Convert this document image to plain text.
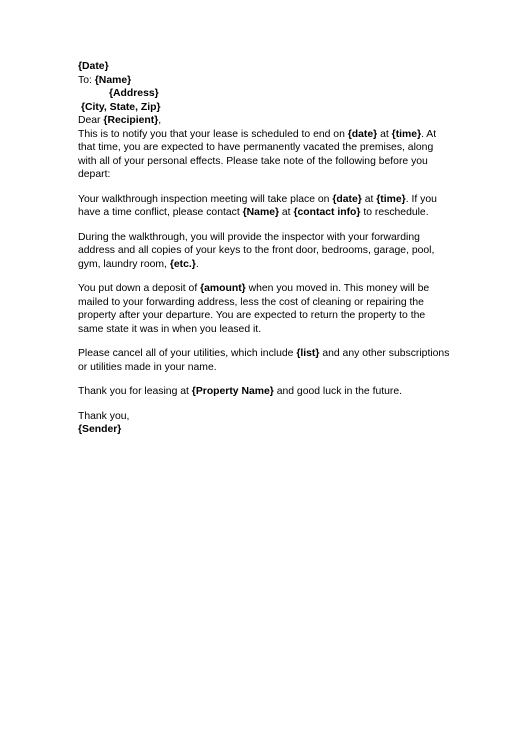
{Date}

To: {Name}

{Address}

{City, State, Zip}

Dear {Recipient},

This is to notify you that your lease is scheduled to end on {date} at {time}. At

that time, you are expected to have permanently vacated the premises, along

with all of your personal effects. Please take note of the following before you

depart:

Your walkthrough inspection meeting will take place on {date} at {time}. If you

have a time conflict, please contact {Name} at {contact info} to reschedule.

During the walkthrough, you will provide the inspector with your forwarding

address and all copies of your keys to the front door, bedrooms, garage, pool,

gym, laundry room, {etc.}.

You put down a deposit of {amount} when you moved in. This money will be

mailed to your forwarding address, less the cost of cleaning or repairing the

property after your departure. You are expected to return the property to the

same state it was in when you leased it.

Please cancel all of your utilities, which include {list} and any other subscriptions

or utilities made in your name.

Thank you for leasing at {Property Name} and good luck in the future.

Thank you,

{Sender}
